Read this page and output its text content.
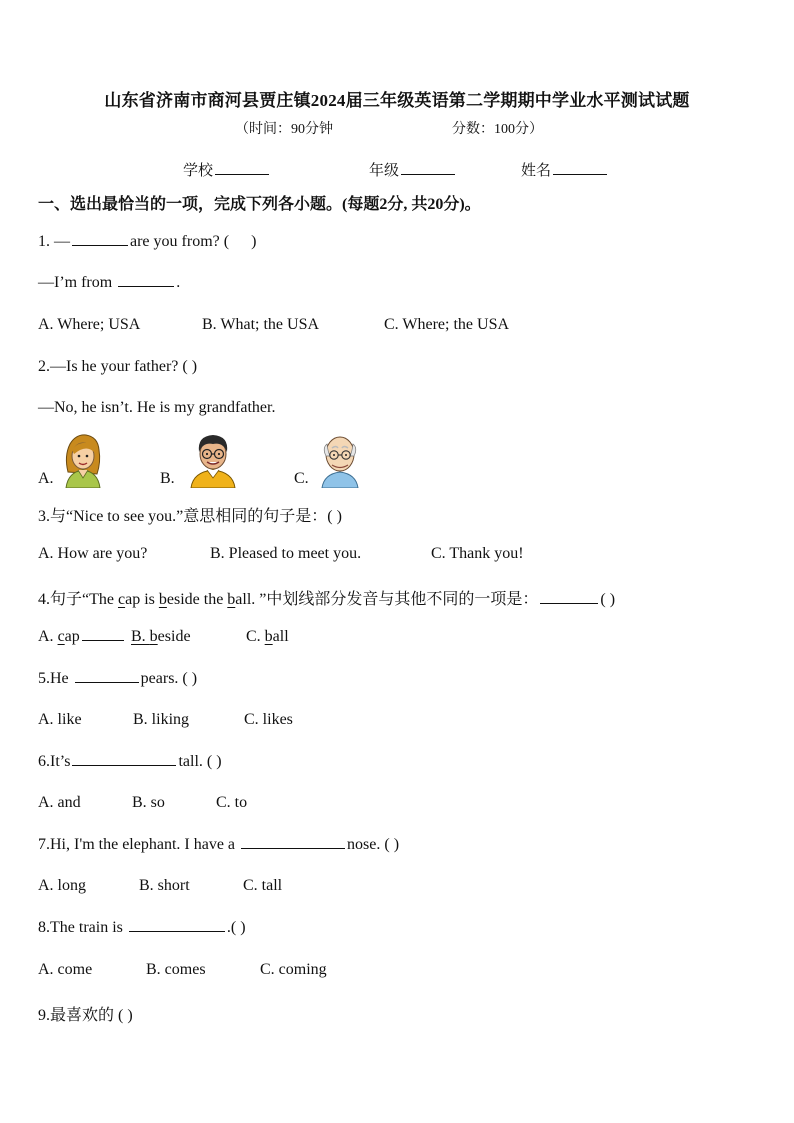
山东省济南市商河县贾庄镇2024届三年级英语第二学期期中学业水平测试试题
（时间：90分钟	分数：100分）
学校	年级	姓名
一、选出最恰当的一项，完成下列各小题。(每题2分, 共20分)。
1. —	are you from? ( )
—I’m from	.
A. Where; USA	B. What; the USA	C. Where; the USA
2.—Is he your father? ( )
—No, he isn’t. He is my grandfather.
A.	B.	C.
3.与“Nice to see you.”意思相同的句子是：( )
A. How are you?	B. Pleased to meet you.	C. Thank you!
4.句子“The cap is beside the ball. ”中划线部分发音与其他不同的一项是：	( )
A. cap	B. beside	C. ball
5.He	pears. ( )
A. like	B. liking	C. likes
6.It’s	tall. ( )
A. and	B. so	C. to
7.Hi, I'm the elephant. I have a	nose. ( )
A. long	B. short	C. tall
8.The train is	.( )
A. come	B. comes	C. coming
9.最喜欢的 ( )
